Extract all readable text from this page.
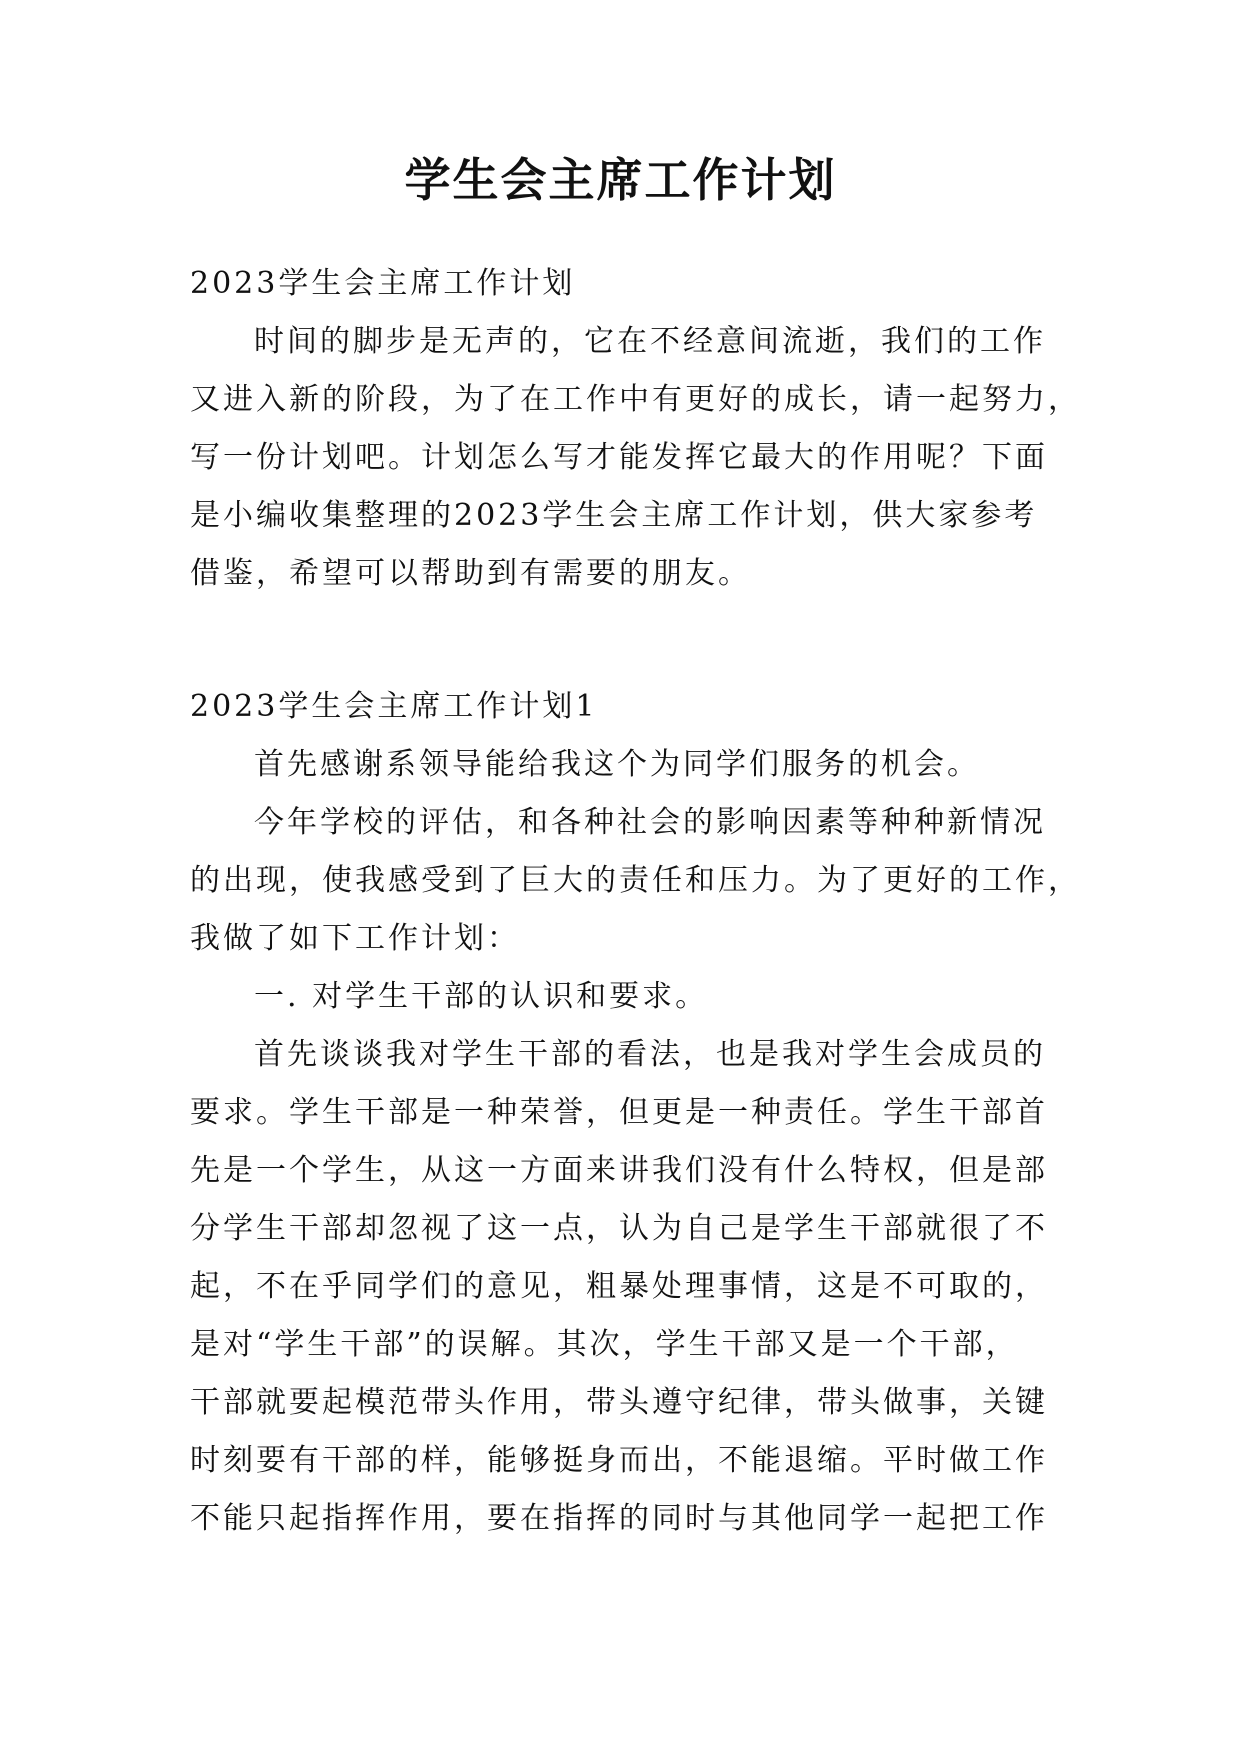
学生会主席工作计划
2023学生会主席工作计划
时间的脚步是无声的，它在不经意间流逝，我们的工作
又进入新的阶段，为了在工作中有更好的成长，请一起努力，
写一份计划吧。计划怎么写才能发挥它最大的作用呢？下面
是小编收集整理的2023学生会主席工作计划，供大家参考
借鉴，希望可以帮助到有需要的朋友。
2023学生会主席工作计划1
首先感谢系领导能给我这个为同学们服务的机会。
今年学校的评估，和各种社会的影响因素等种种新情况
的出现，使我感受到了巨大的责任和压力。为了更好的工作，
我做了如下工作计划：
一. 对学生干部的认识和要求。
首先谈谈我对学生干部的看法，也是我对学生会成员的
要求。学生干部是一种荣誉，但更是一种责任。学生干部首
先是一个学生，从这一方面来讲我们没有什么特权，但是部
分学生干部却忽视了这一点，认为自己是学生干部就很了不
起，不在乎同学们的意见，粗暴处理事情，这是不可取的，
是对“学生干部”的误解。其次，学生干部又是一个干部，
干部就要起模范带头作用，带头遵守纪律，带头做事，关键
时刻要有干部的样，能够挺身而出，不能退缩。平时做工作
不能只起指挥作用，要在指挥的同时与其他同学一起把工作
